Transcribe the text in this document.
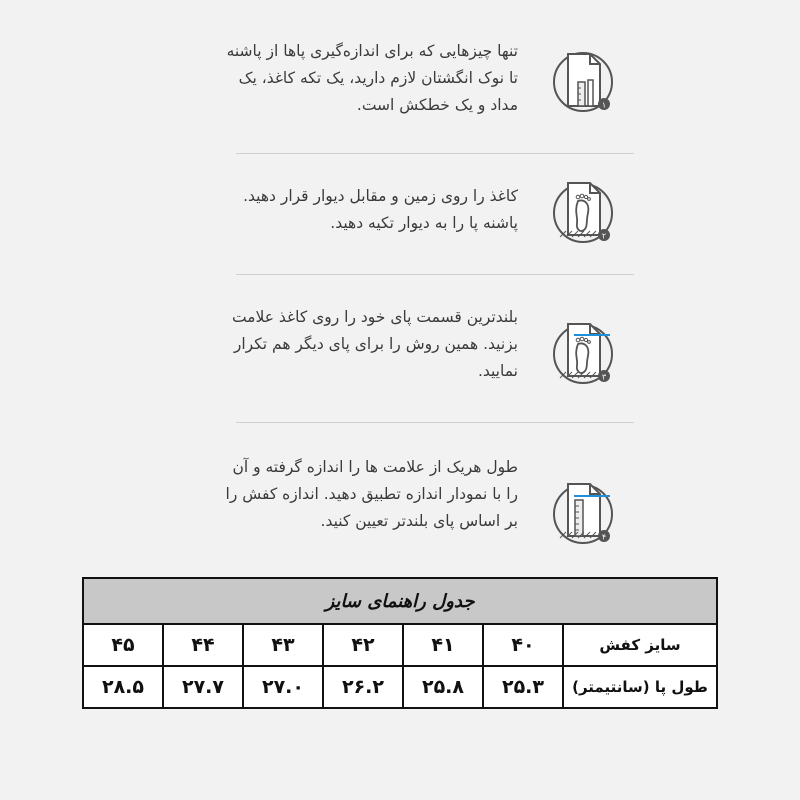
تنها چیزهایی که برای اندازه‌گیری پاها از پاشنه تا نوک انگشتان لازم دارید، یک تکه کاغذ، یک مداد و یک خطکش است.	۱
کاغذ را روی زمین و مقابل دیوار قرار دهید. پاشنه پا را به دیوار تکیه دهید.
۲
بلندترین قسمت پای خود را روی کاغذ علامت بزنید. همین روش را برای پای دیگر هم تکرار نمایید.	۳
طول هریک از علامت ها را اندازه گرفته و آن را با نمودار اندازه تطبیق دهید. اندازه کفش را بر اساس پای بلندتر تعیین کنید.
۴
جدول راهنمای سایز						
سایز کفش	۴۰	۴۱	۴۲	۴۳	۴۴	۴۵
طول پا (سانتیمتر)	۲۵.۳	۲۵.۸	۲۶.۲	۲۷.۰	۲۷.۷	۲۸.۵
